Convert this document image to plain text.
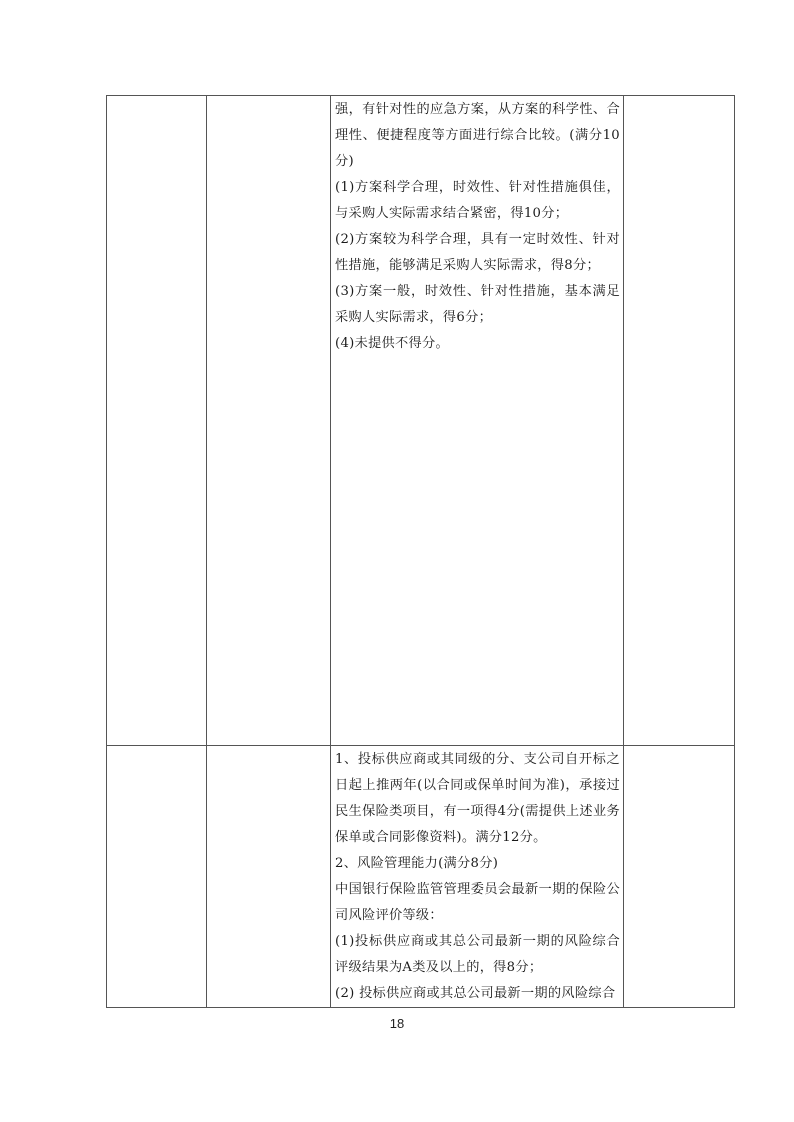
		强，有针对性的应急方案，从方案的科学性、合理性、便捷程度等方面进行综合比较。(满分10分)

(1)方案科学合理，时效性、针对性措施俱佳，与采购人实际需求结合紧密，得10分；

(2)方案较为科学合理，具有一定时效性、针对性措施，能够满足采购人实际需求，得8分；

(3)方案一般，时效性、针对性措施，基本满足采购人实际需求，得6分；

(4)未提供不得分。	

		1、投标供应商或其同级的分、支公司自开标之日起上推两年(以合同或保单时间为准)，承接过民生保险类项目，有一项得4分(需提供上述业务保单或合同影像资料)。满分12分。

2、风险管理能力(满分8分)

中国银行保险监管管理委员会最新一期的保险公司风险评价等级：

(1)投标供应商或其总公司最新一期的风险综合评级结果为A类及以上的，得8分；

(2) 投标供应商或其总公司最新一期的风险综合	

18
